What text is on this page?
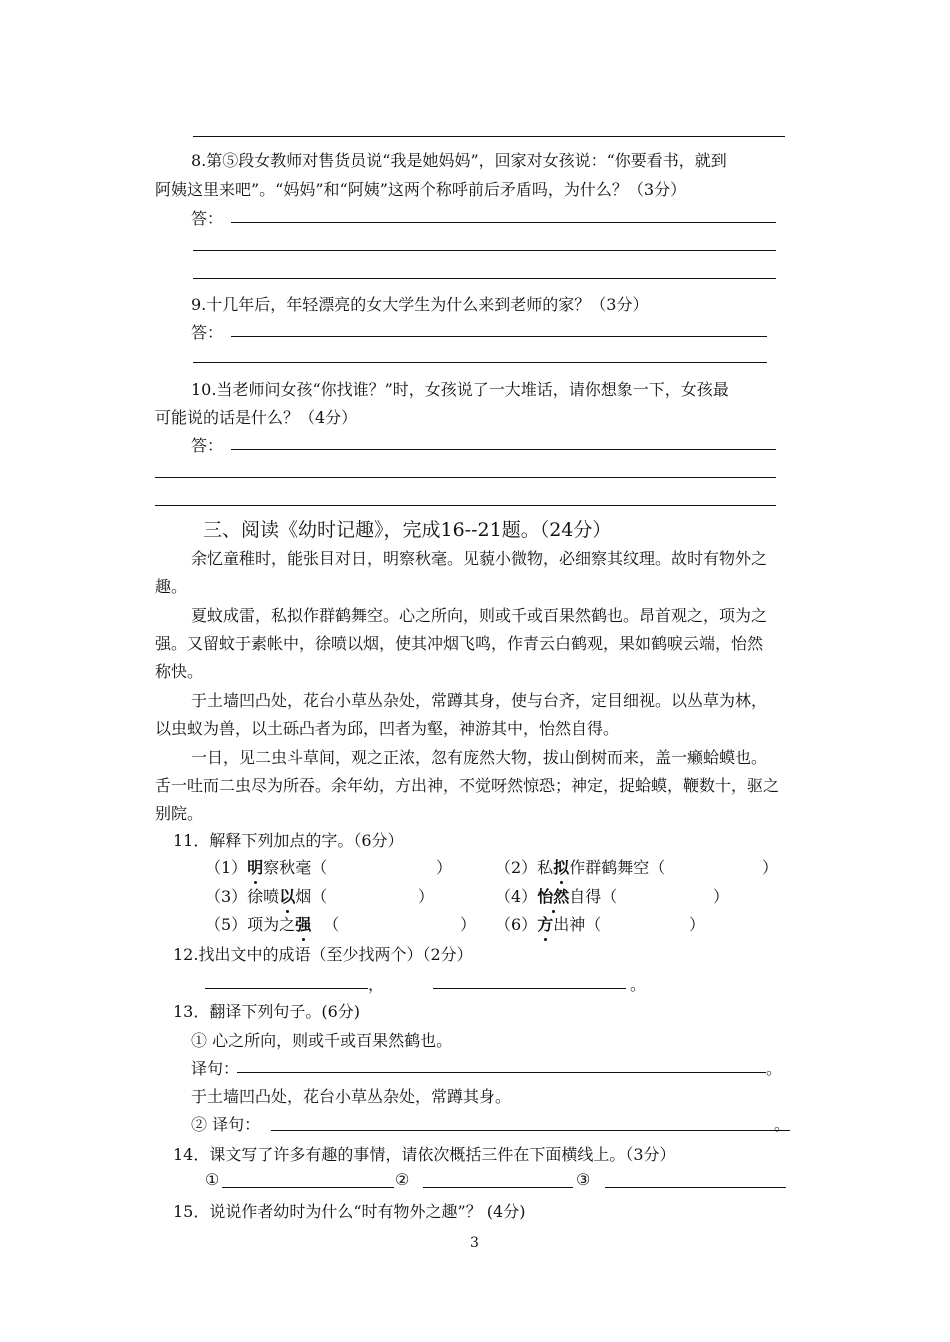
8.第⑤段女教师对售货员说“我是她妈妈”，回家对女孩说：“你要看书，就到
阿姨这里来吧”。“妈妈”和“阿姨”这两个称呼前后矛盾吗，为什么？（3分）
答：
9.十几年后，年轻漂亮的女大学生为什么来到老师的家？（3分）
答：
10.当老师问女孩“你找谁？”时，女孩说了一大堆话，请你想象一下，女孩最
可能说的话是什么？（4分）
答：
三、阅读《幼时记趣》，完成16--21题。（24分）
余忆童稚时，能张目对日，明察秋毫。见藐小微物，必细察其纹理。故时有物外之
趣。
夏蚊成雷，私拟作群鹤舞空。心之所向，则或千或百果然鹤也。昂首观之，项为之
强。又留蚊于素帐中，徐喷以烟，使其冲烟飞鸣，作青云白鹤观，果如鹤唳云端，怡然
称快。
于土墙凹凸处，花台小草丛杂处，常蹲其身，使与台齐，定目细视。以丛草为林，
以虫蚁为兽，以土砾凸者为邱，凹者为壑，神游其中，怡然自得。
一日，见二虫斗草间，观之正浓，忽有庞然大物，拔山倒树而来，盖一癞蛤蟆也。
舌一吐而二虫尽为所吞。余年幼，方出神，不觉呀然惊恐；神定，捉蛤蟆，鞭数十，驱之
别院。
11．解释下列加点的字。（6分）
（1）明察秋毫（	）	（2）私拟作群鹤舞空（	）
（3）徐喷以烟（	）	（4）怡然自得（	）
（5）项为之强 （	） （6）方出神（	）
12.找出文中的成语（至少找两个）（2分）
，	。
13．翻译下列句子。(6分)
① 心之所向，则或千或百果然鹤也。
译句：	。
于土墙凹凸处，花台小草丛杂处，常蹲其身。
② 译句：	。
14．课文写了许多有趣的事情，请依次概括三件在下面横线上。（3分）
①	②	③
15．说说作者幼时为什么“时有物外之趣”？ (4分)
3
